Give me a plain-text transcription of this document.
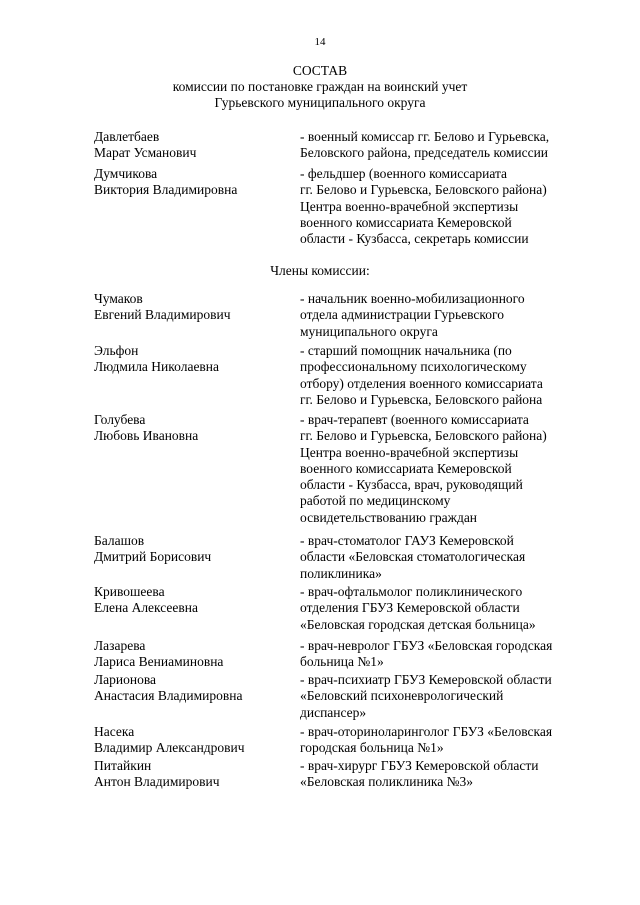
14
СОСТАВ
комиссии по постановке граждан на воинский учет
Гурьевского муниципального округа
Давлетбаев
Марат Усманович
- военный комиссар гг. Белово и Гурьевска,
Беловского района, председатель комиссии
Думчикова
Виктория Владимировна
- фельдшер (военного комиссариата
гг. Белово и Гурьевска, Беловского района)
Центра военно-врачебной экспертизы
военного комиссариата Кемеровской
области - Кузбасса, секретарь комиссии
Члены комиссии:
Чумаков
Евгений Владимирович
- начальник военно-мобилизационного
отдела администрации Гурьевского
муниципального округа
Эльфон
Людмила Николаевна
- старший помощник начальника (по
профессиональному психологическому
отбору) отделения военного комиссариата
гг. Белово и Гурьевска, Беловского района
Голубева
Любовь Ивановна
- врач-терапевт (военного комиссариата
гг. Белово и Гурьевска, Беловского района)
Центра военно-врачебной экспертизы
военного комиссариата Кемеровской
области - Кузбасса, врач, руководящий
работой по медицинскому
освидетельствованию граждан
Балашов
Дмитрий Борисович
- врач-стоматолог ГАУЗ Кемеровской
области «Беловская стоматологическая
поликлиника»
Кривошеева
Елена Алексеевна
- врач-офтальмолог поликлинического
отделения ГБУЗ Кемеровской области
«Беловская городская детская больница»
Лазарева
Лариса Вениаминовна
- врач-невролог ГБУЗ «Беловская городская
больница №1»
Ларионова
Анастасия Владимировна
- врач-психиатр ГБУЗ Кемеровской области
«Беловский психоневрологический
диспансер»
Насека
Владимир Александрович
- врач-оториноларинголог ГБУЗ «Беловская
городская больница №1»
Питайкин
Антон Владимирович
- врач-хирург ГБУЗ Кемеровской области
«Беловская поликлиника №3»
